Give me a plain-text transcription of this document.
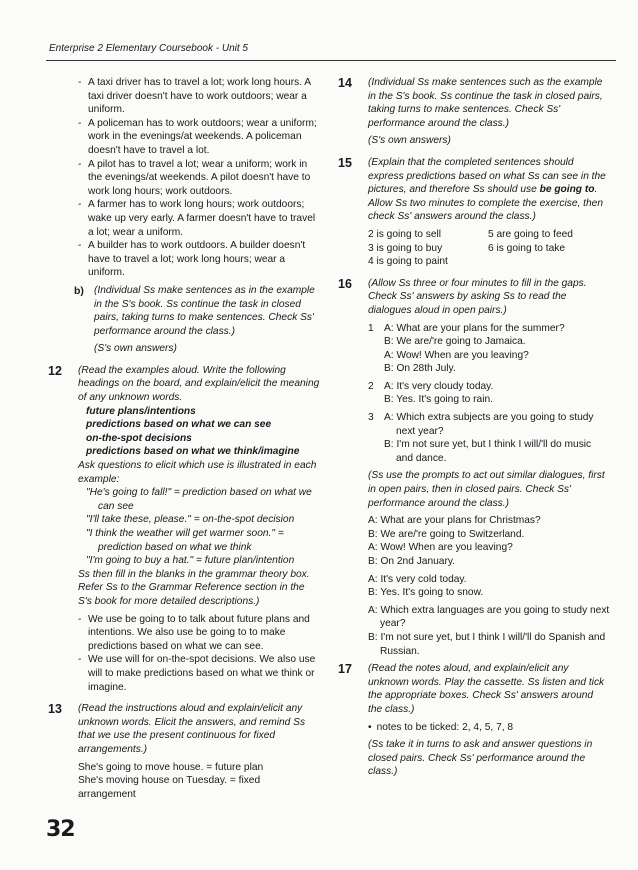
Enterprise 2 Elementary Coursebook - Unit 5
- A taxi driver has to travel a lot; work long hours. A taxi driver doesn't have to work outdoors; wear a uniform.
- A policeman has to work outdoors; wear a uniform; work in the evenings/at weekends. A policeman doesn't have to travel a lot.
- A pilot has to travel a lot; wear a uniform; work in the evenings/at weekends. A pilot doesn't have to work long hours; work outdoors.
- A farmer has to work long hours; work outdoors; wake up very early. A farmer doesn't have to travel a lot; wear a uniform.
- A builder has to work outdoors. A builder doesn't have to travel a lot; work long hours; wear a uniform.
b) (Individual Ss make sentences as in the example in the S's book. Ss continue the task in closed pairs, taking turns to make sentences. Check Ss' performance around the class.)

(S's own answers)

12 (Read the examples aloud. Write the following headings on the board, and explain/elicit the meaning of any unknown words.

future plans/intentions
predictions based on what we can see
on-the-spot decisions
predictions based on what we think/imagine

Ask questions to elicit which use is illustrated in each example:

"He's going to fall!" = prediction based on what we can see
"I'll take these, please." = on-the-spot decision
"I think the weather will get warmer soon." = prediction based on what we think
"I'm going to buy a hat." = future plan/intention

Ss then fill in the blanks in the grammar theory box. Refer Ss to the Grammar Reference section in the S's book for more detailed descriptions.)

- We use be going to to talk about future plans and intentions. We also use be going to to make predictions based on what we can see.
- We use will for on-the-spot decisions. We also use will to make predictions based on what we think or imagine.
13 (Read the instructions aloud and explain/elicit any unknown words. Elicit the answers, and remind Ss that we use the present continuous for fixed arrangements.)

She's going to move house. = future plan

She's moving house on Tuesday. = fixed arrangement

14 (Individual Ss make sentences such as the example in the S's book. Ss continue the task in closed pairs, taking turns to make sentences. Check Ss' performance around the class.)

(S's own answers)

15 (Explain that the completed sentences should express predictions based on what Ss can see in the pictures, and therefore Ss should use be going to. Allow Ss two minutes to complete the exercise, then check Ss' answers around the class.)

2 is going to sell	5 are going to feed
3 is going to buy	6 is going to take
4 is going to paint
16 (Allow Ss three or four minutes to fill in the gaps. Check Ss' answers by asking Ss to read the dialogues aloud in open pairs.)

1	A: What are your plans for the summer?
B: We are/'re going to Jamaica.
A: Wow! When are you leaving?
B: On 28th July.
2	A: It's very cloudy today.
B: Yes. It's going to rain.
3	A: Which extra subjects are you going to study next year?
B: I'm not sure yet, but I think I will/'ll do music and dance.

(Ss use the prompts to act out similar dialogues, first in open pairs, then in closed pairs. Check Ss' performance around the class.)

A: What are your plans for Christmas?
B: We are/'re going to Switzerland.
A: Wow! When are you leaving?
B: On 2nd January.
A: It's very cold today.
B: Yes. It's going to snow.
A: Which extra languages are you going to study next year?
B: I'm not sure yet, but I think I will/'ll do Spanish and Russian.
17 (Read the notes aloud, and explain/elicit any unknown words. Play the cassette. Ss listen and tick the appropriate boxes. Check Ss' answers around the class.)

• notes to be ticked: 2, 4, 5, 7, 8

(Ss take it in turns to ask and answer questions in closed pairs. Check Ss' performance around the class.)

32
